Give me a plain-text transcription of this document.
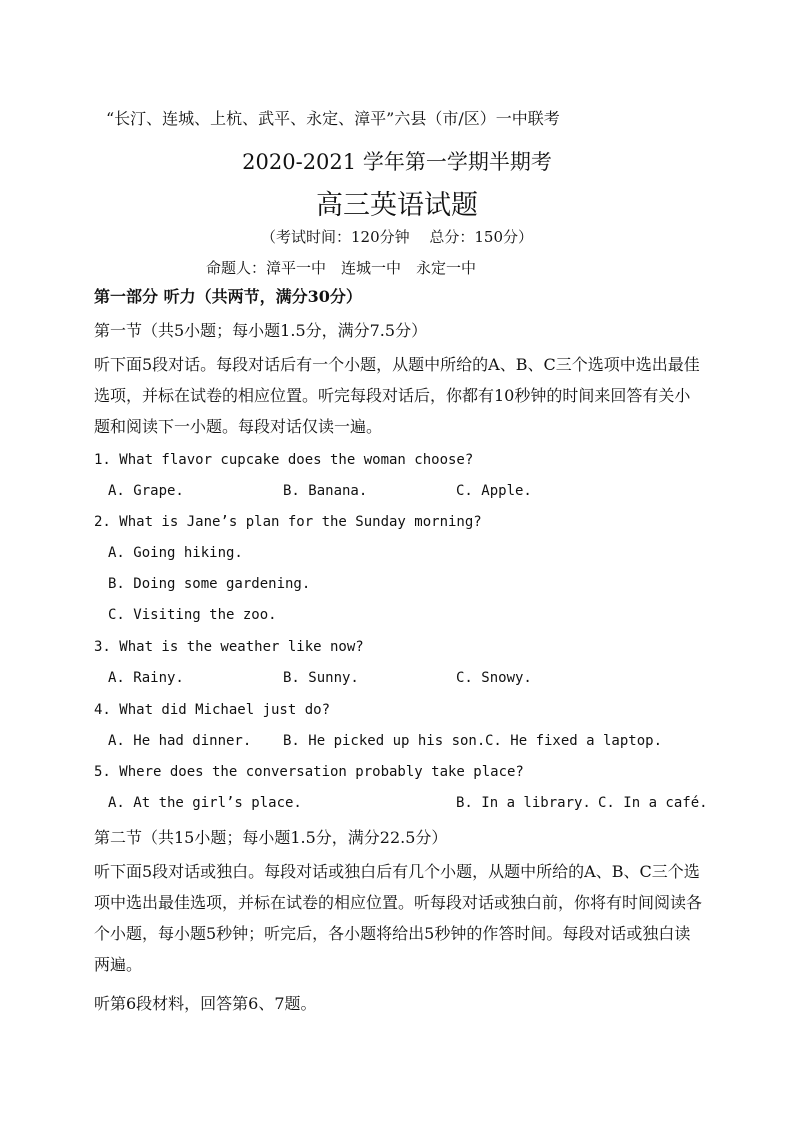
“长汀、连城、上杭、武平、永定、漳平”六县（市/区）一中联考
2020-2021 学年第一学期半期考
高三英语试题
（考试时间：120分钟　 总分：150分）
命题人：漳平一中　连城一中　永定一中
第一部分 听力（共两节，满分30分）
第一节（共5小题；每小题1.5分，满分7.5分）
听下面5段对话。每段对话后有一个小题，从题中所给的A、B、C三个选项中选出最佳选项，并标在试卷的相应位置。听完每段对话后，你都有10秒钟的时间来回答有关小题和阅读下一小题。每段对话仅读一遍。
1. What flavor cupcake does the woman choose?
A. Grape.	B. Banana.	C. Apple.
2. What is Jane’s plan for the Sunday morning?
A. Going hiking.
B. Doing some gardening.
C. Visiting the zoo.
3. What is the weather like now?
A. Rainy.	B. Sunny.	C. Snowy.
4. What did Michael just do?
A. He had dinner. B. He picked up his son. C. He fixed a laptop.
5. Where does the conversation probably take place?
A. At the girl’s place.	B. In a library. C. In a café.
第二节（共15小题；每小题1.5分，满分22.5分）
听下面5段对话或独白。每段对话或独白后有几个小题，从题中所给的A、B、C三个选项中选出最佳选项，并标在试卷的相应位置。听每段对话或独白前，你将有时间阅读各个小题，每小题5秒钟；听完后，各小题将给出5秒钟的作答时间。每段对话或独白读两遍。
听第6段材料，回答第6、7题。
